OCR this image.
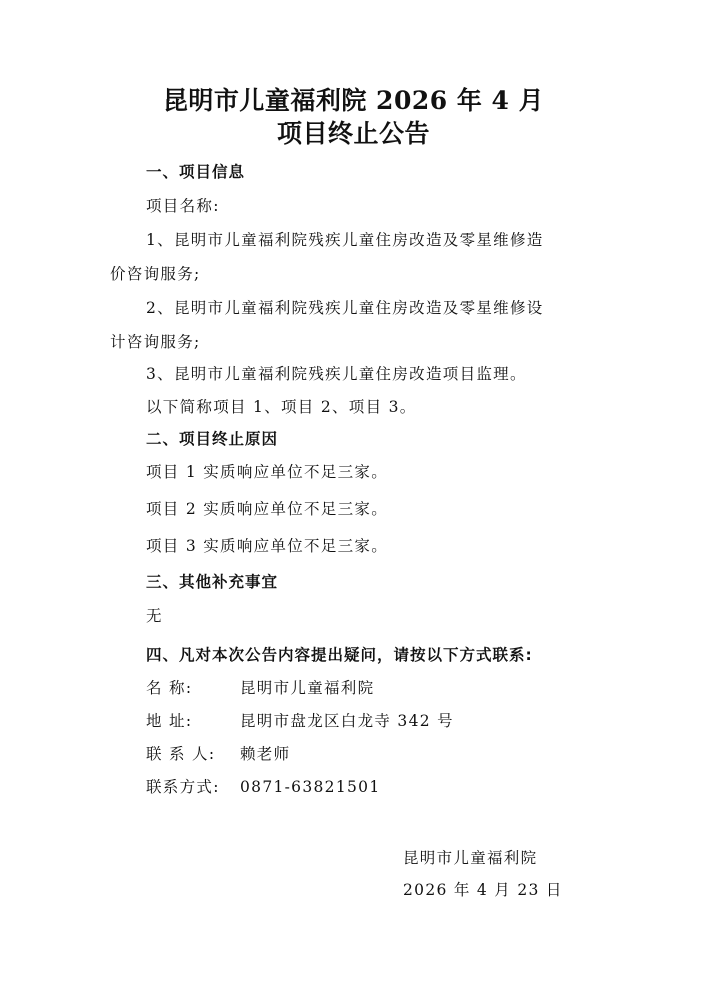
昆明市儿童福利院 2026 年 4 月
项目终止公告
一、项目信息
项目名称:
1、昆明市儿童福利院残疾儿童住房改造及零星维修造
价咨询服务;
2、昆明市儿童福利院残疾儿童住房改造及零星维修设
计咨询服务;
3、昆明市儿童福利院残疾儿童住房改造项目监理。
以下简称项目 1、项目 2、项目 3。
二、项目终止原因
项目 1 实质响应单位不足三家。
项目 2 实质响应单位不足三家。
项目 3 实质响应单位不足三家。
三、其他补充事宜
无
四、凡对本次公告内容提出疑问，请按以下方式联系:
名 称:	昆明市儿童福利院
地 址:	昆明市盘龙区白龙寺 342 号
联 系 人: 赖老师
联系方式: 0871-63821501
昆明市儿童福利院
2026 年 4 月 23 日
